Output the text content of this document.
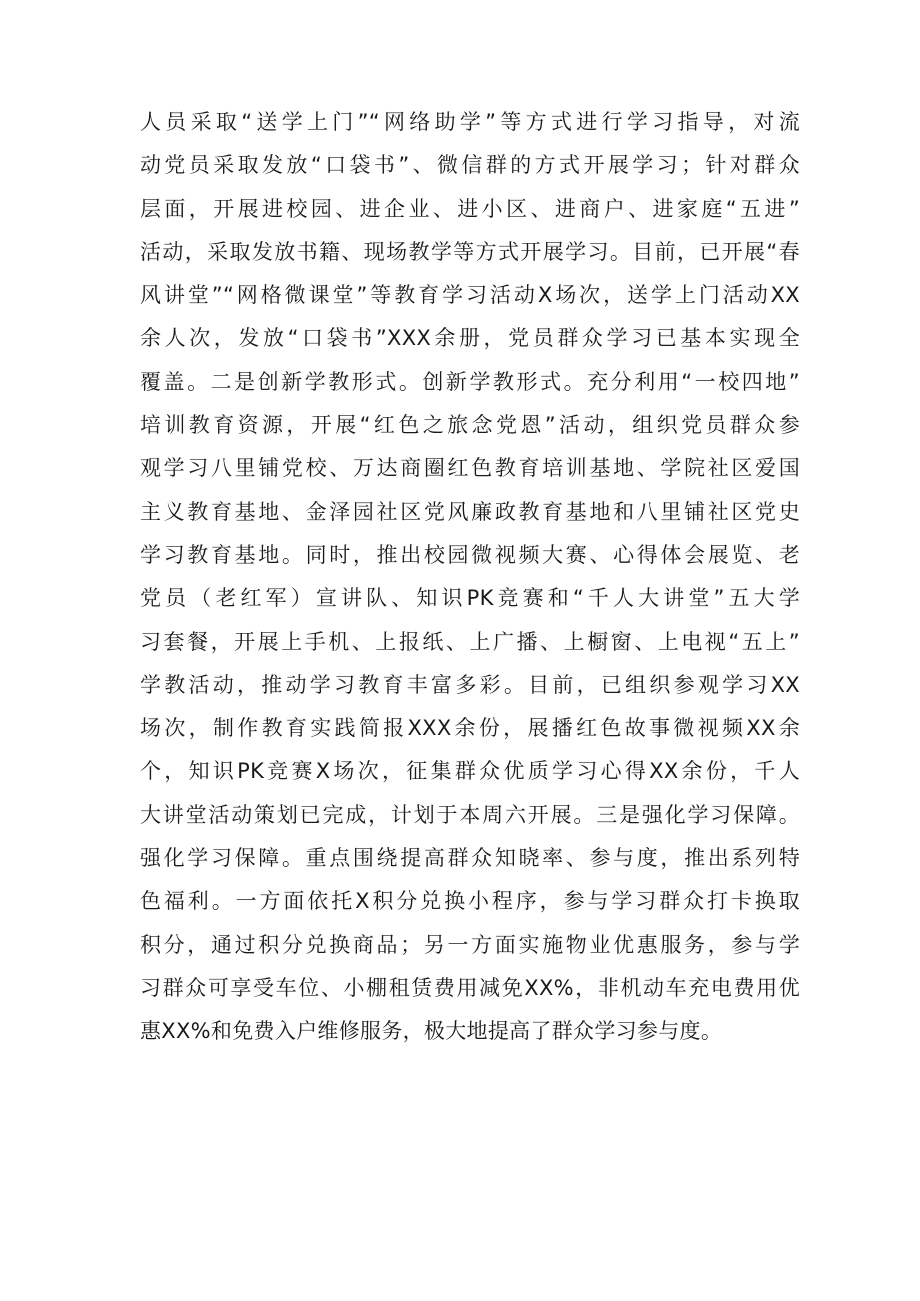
人员采取“送学上门”“网络助学”等方式进行学习指导，对流
动党员采取发放“口袋书”、微信群的方式开展学习；针对群众
层面，开展进校园、进企业、进小区、进商户、进家庭“五进”
活动，采取发放书籍、现场教学等方式开展学习。目前，已开展“春
风讲堂”“网格微课堂”等教育学习活动X场次，送学上门活动XX
余人次，发放“口袋书”XXX余册，党员群众学习已基本实现全
覆盖。二是创新学教形式。创新学教形式。充分利用“一校四地”
培训教育资源，开展“红色之旅念党恩”活动，组织党员群众参
观学习八里铺党校、万达商圈红色教育培训基地、学院社区爱国
主义教育基地、金泽园社区党风廉政教育基地和八里铺社区党史
学习教育基地。同时，推出校园微视频大赛、心得体会展览、老
党员（老红军）宣讲队、知识PK竞赛和“千人大讲堂”五大学
习套餐，开展上手机、上报纸、上广播、上橱窗、上电视“五上”
学教活动，推动学习教育丰富多彩。目前，已组织参观学习XX
场次，制作教育实践简报XXX余份，展播红色故事微视频XX余
个，知识PK竞赛X场次，征集群众优质学习心得XX余份，千人
大讲堂活动策划已完成，计划于本周六开展。三是强化学习保障。
强化学习保障。重点围绕提高群众知晓率、参与度，推出系列特
色福利。一方面依托X积分兑换小程序，参与学习群众打卡换取
积分，通过积分兑换商品；另一方面实施物业优惠服务，参与学
习群众可享受车位、小棚租赁费用减免XX%，非机动车充电费用优
惠XX%和免费入户维修服务，极大地提高了群众学习参与度。
